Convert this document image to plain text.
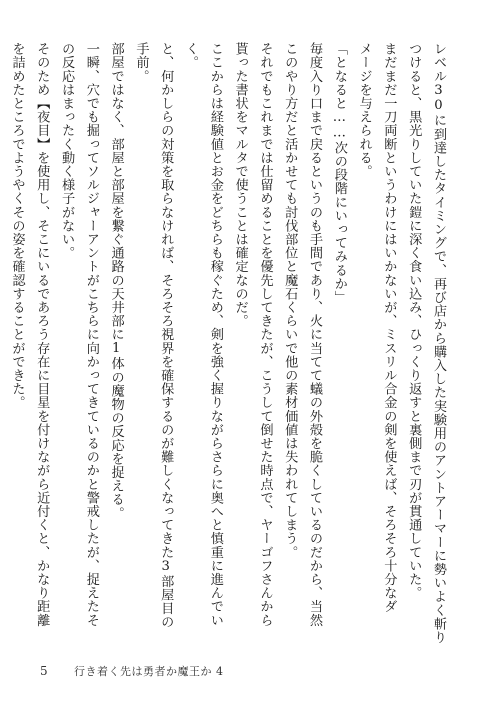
レベル30に到達したタイミングで、再び店から購入した実験用のアントアーマーに勢いよく斬り

つけると、黒光りしていた鎧に深く食い込み、ひっくり返すと裏側まで刃が貫通していた。

まだまだ一刀両断というわけにはいかないが、ミスリル合金の剣を使えば、そろそろ十分なダ

メージを与えられる。

「となると……次の段階にいってみるか」

毎度入り口まで戻るというのも手間であり、火に当てて蟻の外殻を脆くしているのだから、当然

このやり方だと活かせても討伐部位と魔石くらいで他の素材価値は失われてしまう。

それでもこれまでは仕留めることを優先してきたが、こうして倒せた時点で、ヤーゴフさんから

貰った書状をマルタで使うことは確定なのだ。

ここからは経験値とお金をどちらも稼ぐため、剣を強く握りながらさらに奥へと慎重に進んでい

く。

と、何かしらの対策を取らなければ、そろそろ視界を確保するのが難しくなってきた3部屋目の

手前。

部屋ではなく、部屋と部屋を繋ぐ通路の天井部に1体の魔物の反応を捉える。

一瞬、穴でも掘ってソルジャーアントがこちらに向かってきているのかと警戒したが、捉えたそ

の反応はまったく動く様子がない。

そのため【夜目】を使用し、そこにいるであろう存在に目星を付けながら近付くと、かなり距離

を詰めたところでようやくその姿を確認することができた。

5	行き着く先は勇者か魔王か 4
